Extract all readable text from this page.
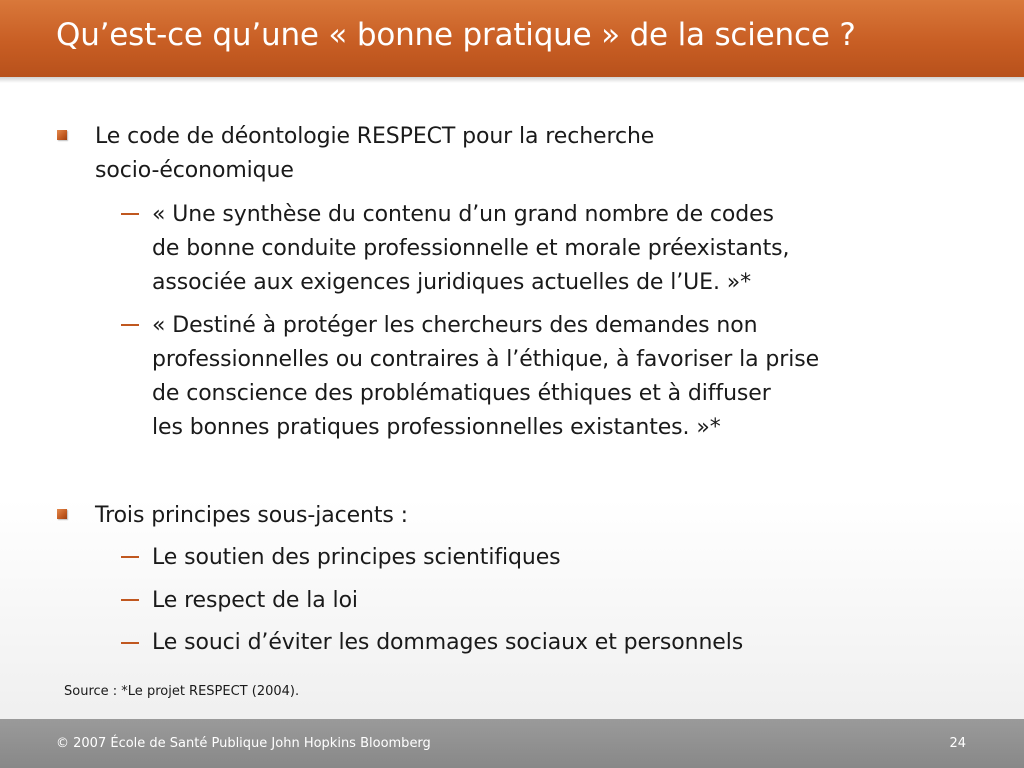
Qu’est-ce qu’une « bonne pratique » de la science ?
Le code de déontologie RESPECT pour la recherche
socio-économique
« Une synthèse du contenu d’un grand nombre de codes
de bonne conduite professionnelle et morale préexistants,
associée aux exigences juridiques actuelles de l’UE. »*
« Destiné à protéger les chercheurs des demandes non
professionnelles ou contraires à l’éthique, à favoriser la prise
de conscience des problématiques éthiques et à diffuser
les bonnes pratiques professionnelles existantes. »*
Trois principes sous-jacents :
Le soutien des principes scientifiques
Le respect de la loi
Le souci d’éviter les dommages sociaux et personnels
Source : *Le projet RESPECT (2004).
© 2007 École de Santé Publique John Hopkins Bloomberg	24
